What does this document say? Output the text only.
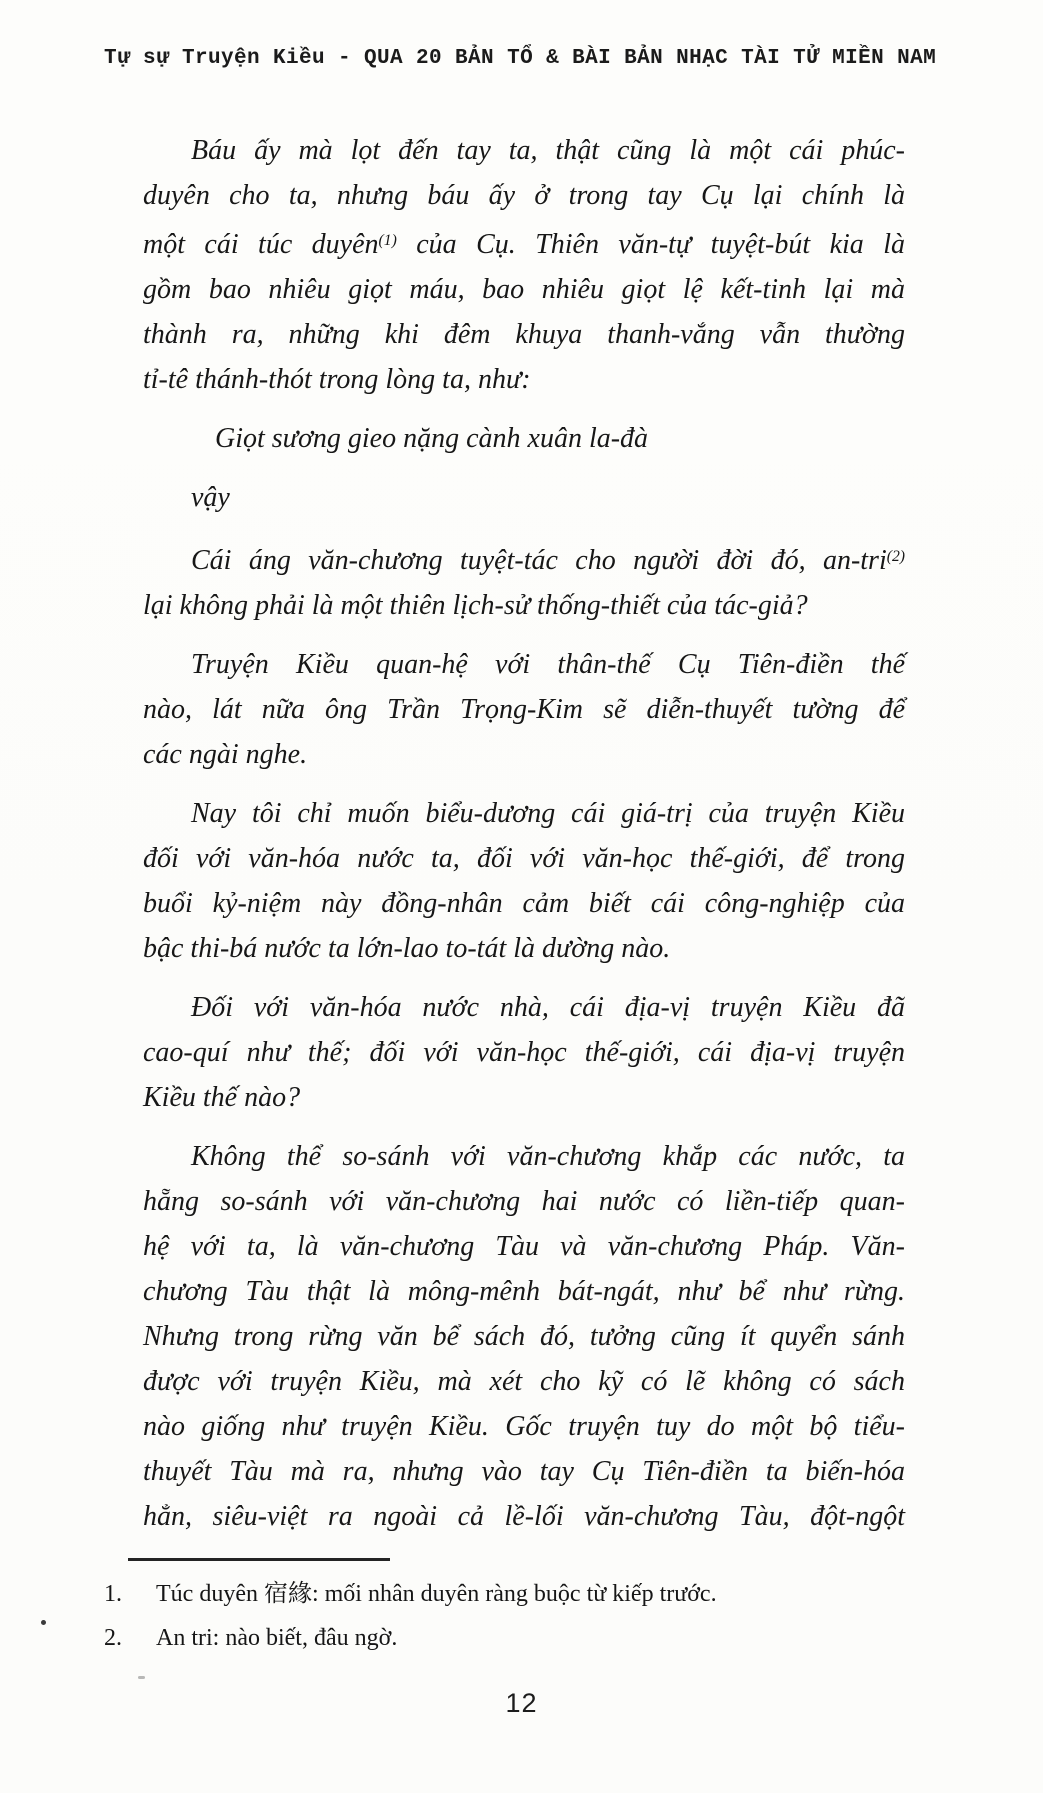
Tự sự Truyện Kiều - QUA 20 BẢN TỔ & BÀI BẢN NHẠC TÀI TỬ MIỀN NAM
Báu ấy mà lọt đến tay ta, thật cũng là một cái phúc-
duyên cho ta, nhưng báu ấy ở trong tay Cụ lại chính là
một cái túc duyên$^{(1)}$ của Cụ. Thiên văn-tự tuyệt-bút kia là
gồm bao nhiêu giọt máu, bao nhiêu giọt lệ kết-tinh lại mà
thành ra, những khi đêm khuya thanh-vắng vẫn thường
tỉ-tê thánh-thót trong lòng ta, như:
Giọt sương gieo nặng cành xuân la-đà
vậy
Cái áng văn-chương tuyệt-tác cho người đời đó, an-tri$^{(2)}$
lại không phải là một thiên lịch-sử thống-thiết của tác-giả?
Truyện Kiều quan-hệ với thân-thế Cụ Tiên-điền thế
nào, lát nữa ông Trần Trọng-Kim sẽ diễn-thuyết tường để
các ngài nghe.
Nay tôi chỉ muốn biểu-dương cái giá-trị của truyện Kiều
đối với văn-hóa nước ta, đối với văn-học thế-giới, để trong
buổi kỷ-niệm này đồng-nhân cảm biết cái công-nghiệp của
bậc thi-bá nước ta lớn-lao to-tát là dường nào.
Đối với văn-hóa nước nhà, cái địa-vị truyện Kiều đã
cao-quí như thế; đối với văn-học thế-giới, cái địa-vị truyện
Kiều thế nào?
Không thể so-sánh với văn-chương khắp các nước, ta
hẵng so-sánh với văn-chương hai nước có liền-tiếp quan-
hệ với ta, là văn-chương Tàu và văn-chương Pháp. Văn-
chương Tàu thật là mông-mênh bát-ngát, như bể như rừng.
Nhưng trong rừng văn bể sách đó, tưởng cũng ít quyển sánh
được với truyện Kiều, mà xét cho kỹ có lẽ không có sách
nào giống như truyện Kiều. Gốc truyện tuy do một bộ tiểu-
thuyết Tàu mà ra, nhưng vào tay Cụ Tiên-điền ta biến-hóa
hẳn, siêu-việt ra ngoài cả lề-lối văn-chương Tàu, đột-ngột
1.	Túc duyên 宿緣: mối nhân duyên ràng buộc từ kiếp trước.
2.	An tri: nào biết, đâu ngờ.
12
